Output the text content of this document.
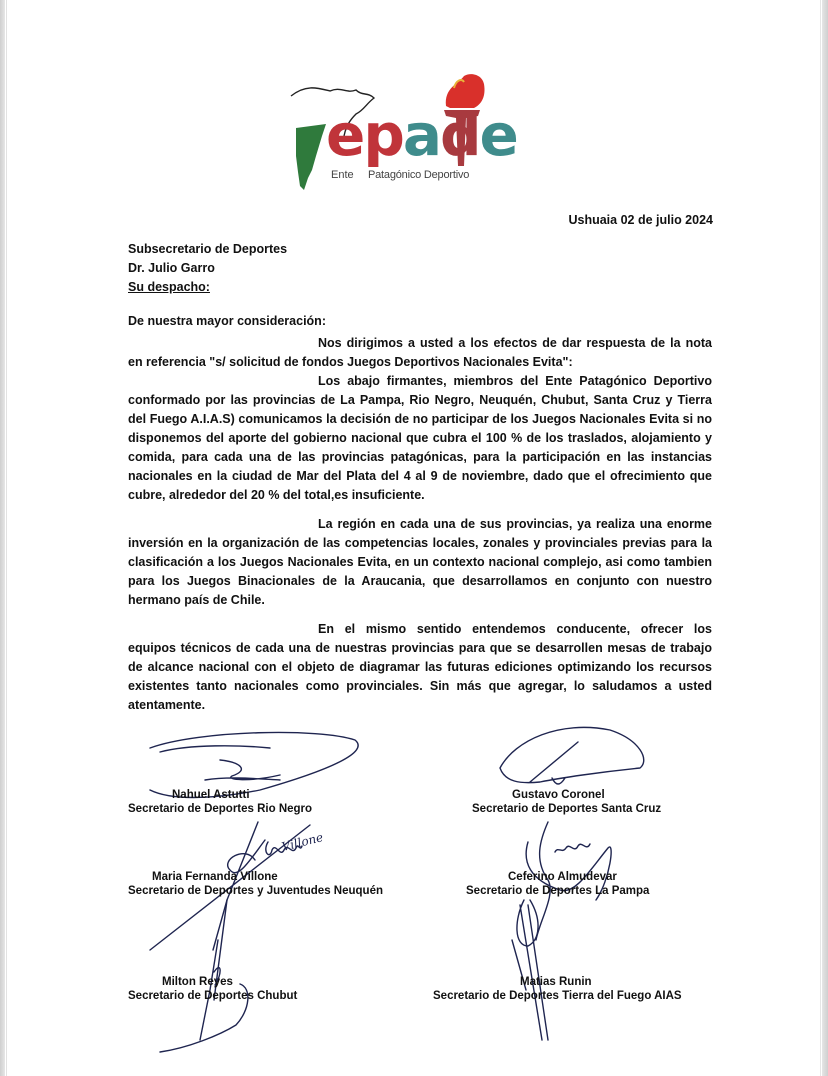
epade
Ente Patagónico Deportivo
Ushuaia 02 de julio 2024
Subsecretario de Deportes
Dr. Julio Garro
Su despacho:
De nuestra mayor consideración:
Nos dirigimos a usted a los efectos de dar respuesta de la nota
en referencia "s/ solicitud de fondos Juegos Deportivos Nacionales Evita":
Los abajo firmantes, miembros del Ente Patagónico Deportivo
conformado por las provincias de La Pampa, Rio Negro, Neuquén, Chubut, Santa Cruz y Tierra
del Fuego A.I.A.S) comunicamos la decisión de no participar de los Juegos Nacionales Evita si no
disponemos del aporte del gobierno nacional que cubra el 100 % de los traslados, alojamiento y
comida, para cada una de las provincias patagónicas, para la participación en las instancias
nacionales en la ciudad de Mar del Plata del 4 al 9 de noviembre, dado que el ofrecimiento que
cubre, alrededor del 20 % del total,es insuficiente.
La región en cada una de sus provincias, ya realiza una enorme
inversión en la organización de las competencias locales, zonales y provinciales previas para la
clasificación a los Juegos Nacionales Evita, en un contexto nacional complejo, asi como tambien
para los Juegos Binacionales de la Araucania, que desarrollamos en conjunto con nuestro
hermano país de Chile.
En el mismo sentido entendemos conducente, ofrecer los
equipos técnicos de cada una de nuestras provincias para que se desarrollen mesas de trabajo
de alcance nacional con el objeto de diagramar las futuras ediciones optimizando los recursos
existentes tanto nacionales como provinciales. Sin más que agregar, lo saludamos a usted
atentamente.
Villone
Nahuel Astutti
Secretario de Deportes Rio Negro
Gustavo Coronel
Secretario de Deportes Santa Cruz
Maria Fernanda Villone
Secretario de Deportes y Juventudes Neuquén
Ceferino Almudevar
Secretario de Deportes La Pampa
Milton Reyes
Secretario de Deportes Chubut
Matias Runin
Secretario de Deportes Tierra del Fuego AIAS
